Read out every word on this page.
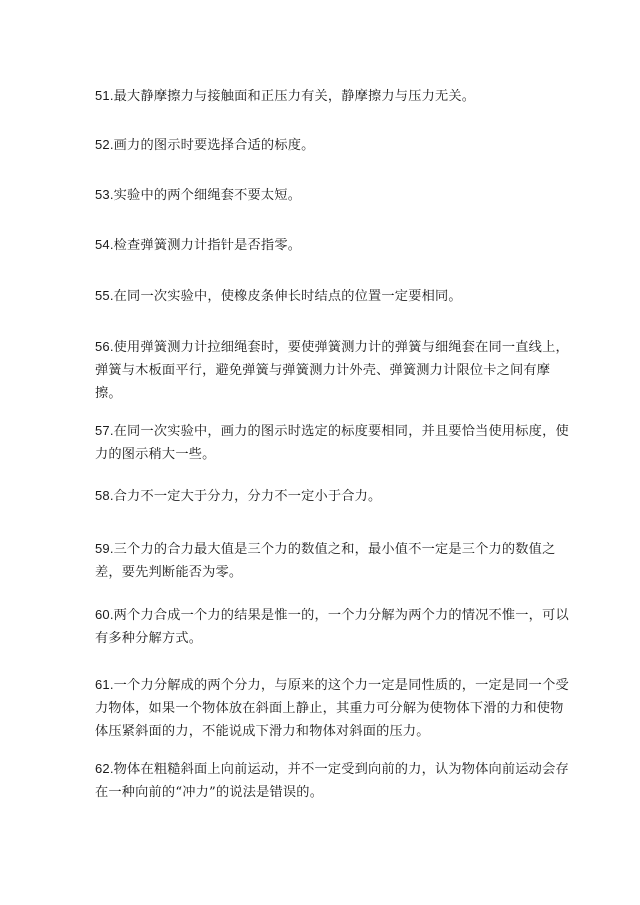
51.最大静摩擦力与接触面和正压力有关，静摩擦力与压力无关。

52.画力的图示时要选择合适的标度。

53.实验中的两个细绳套不要太短。

54.检查弹簧测力计指针是否指零。

55.在同一次实验中，使橡皮条伸长时结点的位置一定要相同。

56.使用弹簧测力计拉细绳套时，要使弹簧测力计的弹簧与细绳套在同一直线上，
弹簧与木板面平行，避免弹簧与弹簧测力计外壳、弹簧测力计限位卡之间有摩
擦。

57.在同一次实验中，画力的图示时选定的标度要相同，并且要恰当使用标度，使
力的图示稍大一些。

58.合力不一定大于分力，分力不一定小于合力。

59.三个力的合力最大值是三个力的数值之和，最小值不一定是三个力的数值之
差，要先判断能否为零。

60.两个力合成一个力的结果是惟一的，一个力分解为两个力的情况不惟一，可以
有多种分解方式。

61.一个力分解成的两个分力，与原来的这个力一定是同性质的，一定是同一个受
力物体，如果一个物体放在斜面上静止，其重力可分解为使物体下滑的力和使物
体压紧斜面的力，不能说成下滑力和物体对斜面的压力。

62.物体在粗糙斜面上向前运动，并不一定受到向前的力，认为物体向前运动会存
在一种向前的“冲力”的说法是错误的。
